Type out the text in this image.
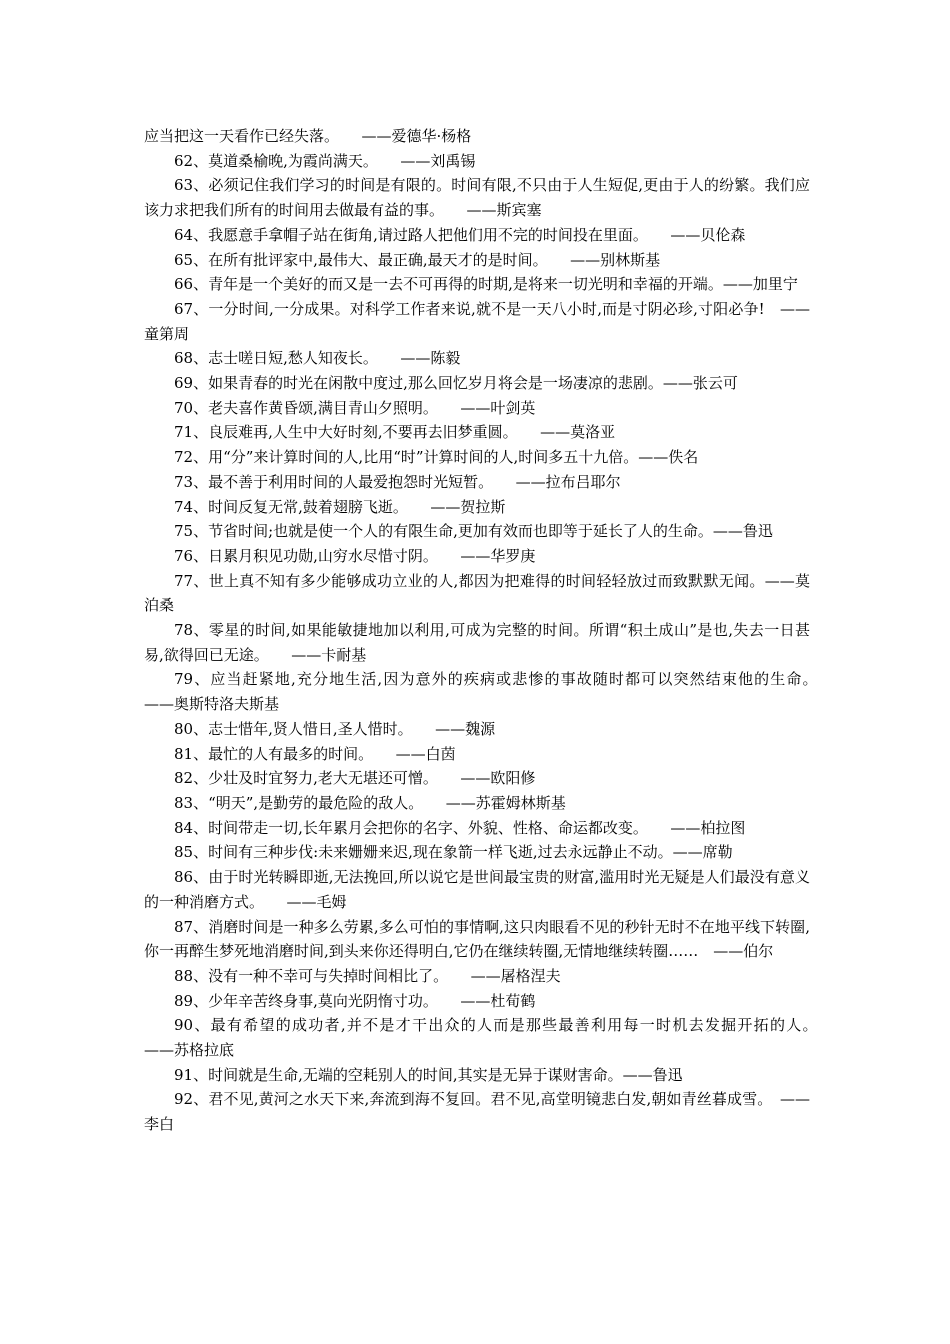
应当把这一天看作已经失落。　　——爱德华·杨格

62、莫道桑榆晚,为霞尚满天。　　——刘禹锡

63、必须记住我们学习的时间是有限的。时间有限,不只由于人生短促,更由于人的纷繁。我们应该力求把我们所有的时间用去做最有益的事。　　——斯宾塞

64、我愿意手拿帽子站在街角,请过路人把他们用不完的时间投在里面。　　——贝伦森

65、在所有批评家中,最伟大、最正确,最天才的是时间。　　——别林斯基

66、青年是一个美好的而又是一去不可再得的时期,是将来一切光明和幸福的开端。——加里宁

67、一分时间,一分成果。对科学工作者来说,就不是一天八小时,而是寸阴必珍,寸阳必争!　——童第周

68、志士嗟日短,愁人知夜长。　　——陈毅

69、如果青春的时光在闲散中度过,那么回忆岁月将会是一场凄凉的悲剧。——张云可

70、老夫喜作黄昏颂,满目青山夕照明。　　——叶剑英

71、良辰难再,人生中大好时刻,不要再去旧梦重圆。　　——莫洛亚

72、用“分”来计算时间的人,比用“时”计算时间的人,时间多五十九倍。——佚名

73、最不善于利用时间的人最爱抱怨时光短暂。　　——拉布吕耶尔

74、时间反复无常,鼓着翅膀飞逝。　　——贺拉斯

75、节省时间;也就是使一个人的有限生命,更加有效而也即等于延长了人的生命。——鲁迅

76、日累月积见功勋,山穷水尽惜寸阴。　　——华罗庚

77、世上真不知有多少能够成功立业的人,都因为把难得的时间轻轻放过而致默默无闻。——莫泊桑

78、零星的时间,如果能敏捷地加以利用,可成为完整的时间。所谓“积土成山”是也,失去一日甚易,欲得回已无途。　　——卡耐基

79、应当赶紧地,充分地生活,因为意外的疾病或悲惨的事故随时都可以突然结束他的生命。　　——奥斯特洛夫斯基

80、志士惜年,贤人惜日,圣人惜时。　　——魏源

81、最忙的人有最多的时间。　　——白茵

82、少壮及时宜努力,老大无堪还可憎。　　——欧阳修

83、“明天”,是勤劳的最危险的敌人。　　——苏霍姆林斯基

84、时间带走一切,长年累月会把你的名字、外貌、性格、命运都改变。　　——柏拉图

85、时间有三种步伐:未来姗姗来迟,现在象箭一样飞逝,过去永远静止不动。——席勒

86、由于时光转瞬即逝,无法挽回,所以说它是世间最宝贵的财富,滥用时光无疑是人们最没有意义的一种消磨方式。　　——毛姆

87、消磨时间是一种多么劳累,多么可怕的事情啊,这只肉眼看不见的秒针无时不在地平线下转圈,你一再醉生梦死地消磨时间,到头来你还得明白,它仍在继续转圈,无情地继续转圈……　——伯尔

88、没有一种不幸可与失掉时间相比了。　　——屠格涅夫

89、少年辛苦终身事,莫向光阴惰寸功。　　——杜荀鹤

90、最有希望的成功者,并不是才干出众的人而是那些最善利用每一时机去发掘开拓的人。　　——苏格拉底

91、时间就是生命,无端的空耗别人的时间,其实是无异于谋财害命。——鲁迅

92、君不见,黄河之水天下来,奔流到海不复回。君不见,高堂明镜悲白发,朝如青丝暮成雪。　——李白
